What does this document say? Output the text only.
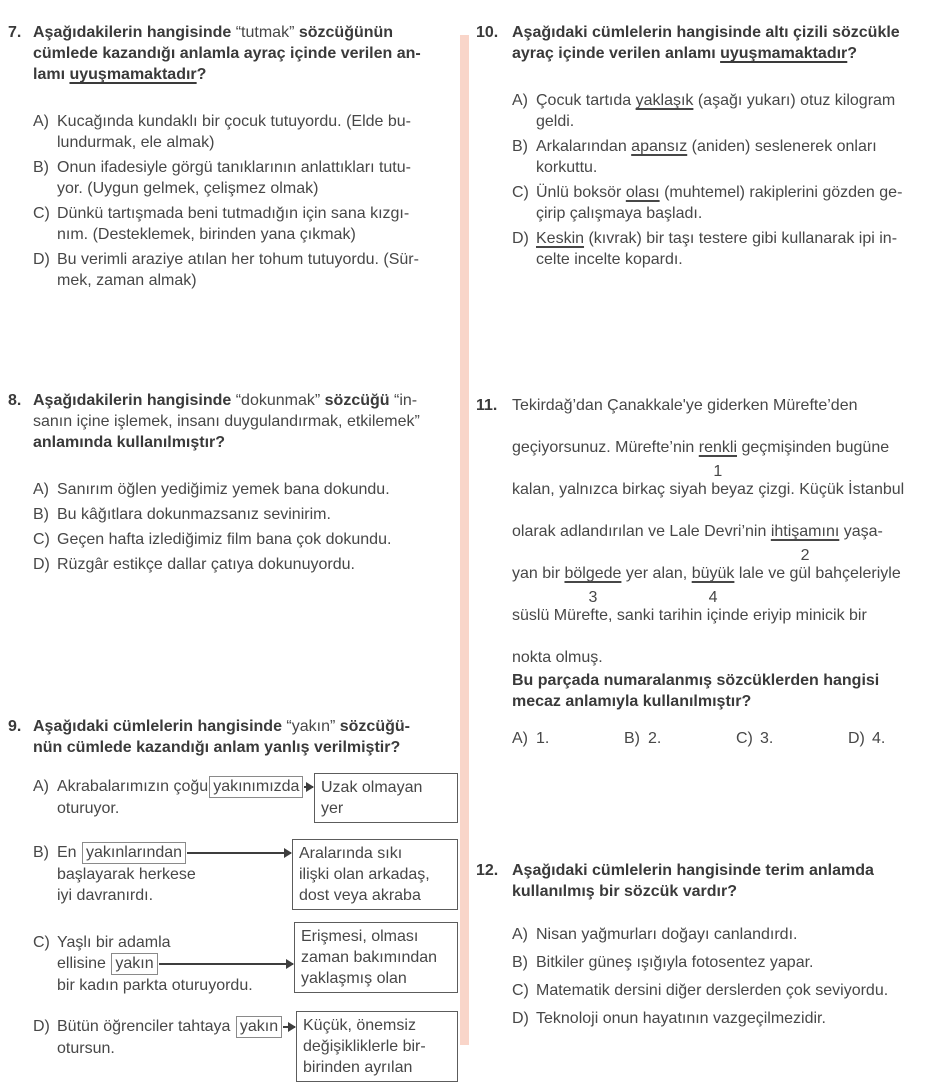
7. Aşağıdakilerin hangisinde “tutmak” sözcüğünün
cümlede kazandığı anlamla ayraç içinde verilen an-
lamı uyuşmamaktadır?
A) Kucağında kundaklı bir çocuk tutuyordu. (Elde bu-
lundurmak, ele almak)
B) Onun ifadesiyle görgü tanıklarının anlattıkları tutu-
yor. (Uygun gelmek, çelişmez olmak)
C) Dünkü tartışmada beni tutmadığın için sana kızgı-
nım. (Desteklemek, birinden yana çıkmak)
D) Bu verimli araziye atılan her tohum tutuyordu. (Sür-
mek, zaman almak)
8. Aşağıdakilerin hangisinde “dokunmak” sözcüğü “in-
sanın içine işlemek, insanı duygulandırmak, etkilemek”
anlamında kullanılmıştır?
A) Sanırım öğlen yediğimiz yemek bana dokundu.
B) Bu kâğıtlara dokunmazsanız sevinirim.
C) Geçen hafta izlediğimiz film bana çok dokundu.
D) Rüzgâr estikçe dallar çatıya dokunuyordu.
9. Aşağıdaki cümlelerin hangisinde “yakın” sözcüğü-
nün cümlede kazandığı anlam yanlış verilmiştir?
A) Akrabalarımızın çoğu yakınımızda
oturuyor.
Uzak olmayan
yer
B) En yakınlarından
başlayarak herkese
iyi davranırdı.
Aralarında sıkı
ilişki olan arkadaş,
dost veya akraba
C) Yaşlı bir adamla
ellisine yakın
bir kadın parkta oturuyordu.
Erişmesi, olması
zaman bakımından
yaklaşmış olan
D) Bütün öğrenciler tahtaya yakın
otursun.
Küçük, önemsiz
değişikliklerle bir-
birinden ayrılan
10. Aşağıdaki cümlelerin hangisinde altı çizili sözcükle
ayraç içinde verilen anlamı uyuşmamaktadır?
A) Çocuk tartıda yaklaşık (aşağı yukarı) otuz kilogram
geldi.
B) Arkalarından apansız (aniden) seslenerek onları
korkuttu.
C) Ünlü boksör olası (muhtemel) rakiplerini gözden ge-
çirip çalışmaya başladı.
D) Keskin (kıvrak) bir taşı testere gibi kullanarak ipi in-
celte incelte kopardı.
11. Tekirdağ’dan Çanakkale'ye giderken Mürefte’den
geçiyorsunuz. Mürefte’nin renkli
1
geçmişinden bugüne
kalan, yalnızca birkaç siyah beyaz çizgi. Küçük İstanbul
olarak adlandırılan ve Lale Devri’nin ihtişamını
2
yaşa-
yan bir bölgede
3
yer alan, büyük
4
lale ve gül bahçeleriyle
süslü Mürefte, sanki tarihin içinde eriyip minicik bir
nokta olmuş.
Bu parçada numaralanmış sözcüklerden hangisi
mecaz anlamıyla kullanılmıştır?
A) 1.	B) 2.	C) 3.	D) 4.
12. Aşağıdaki cümlelerin hangisinde terim anlamda
kullanılmış bir sözcük vardır?
A) Nisan yağmurları doğayı canlandırdı.
B) Bitkiler güneş ışığıyla fotosentez yapar.
C) Matematik dersini diğer derslerden çok seviyordu.
D) Teknoloji onun hayatının vazgeçilmezidir.
